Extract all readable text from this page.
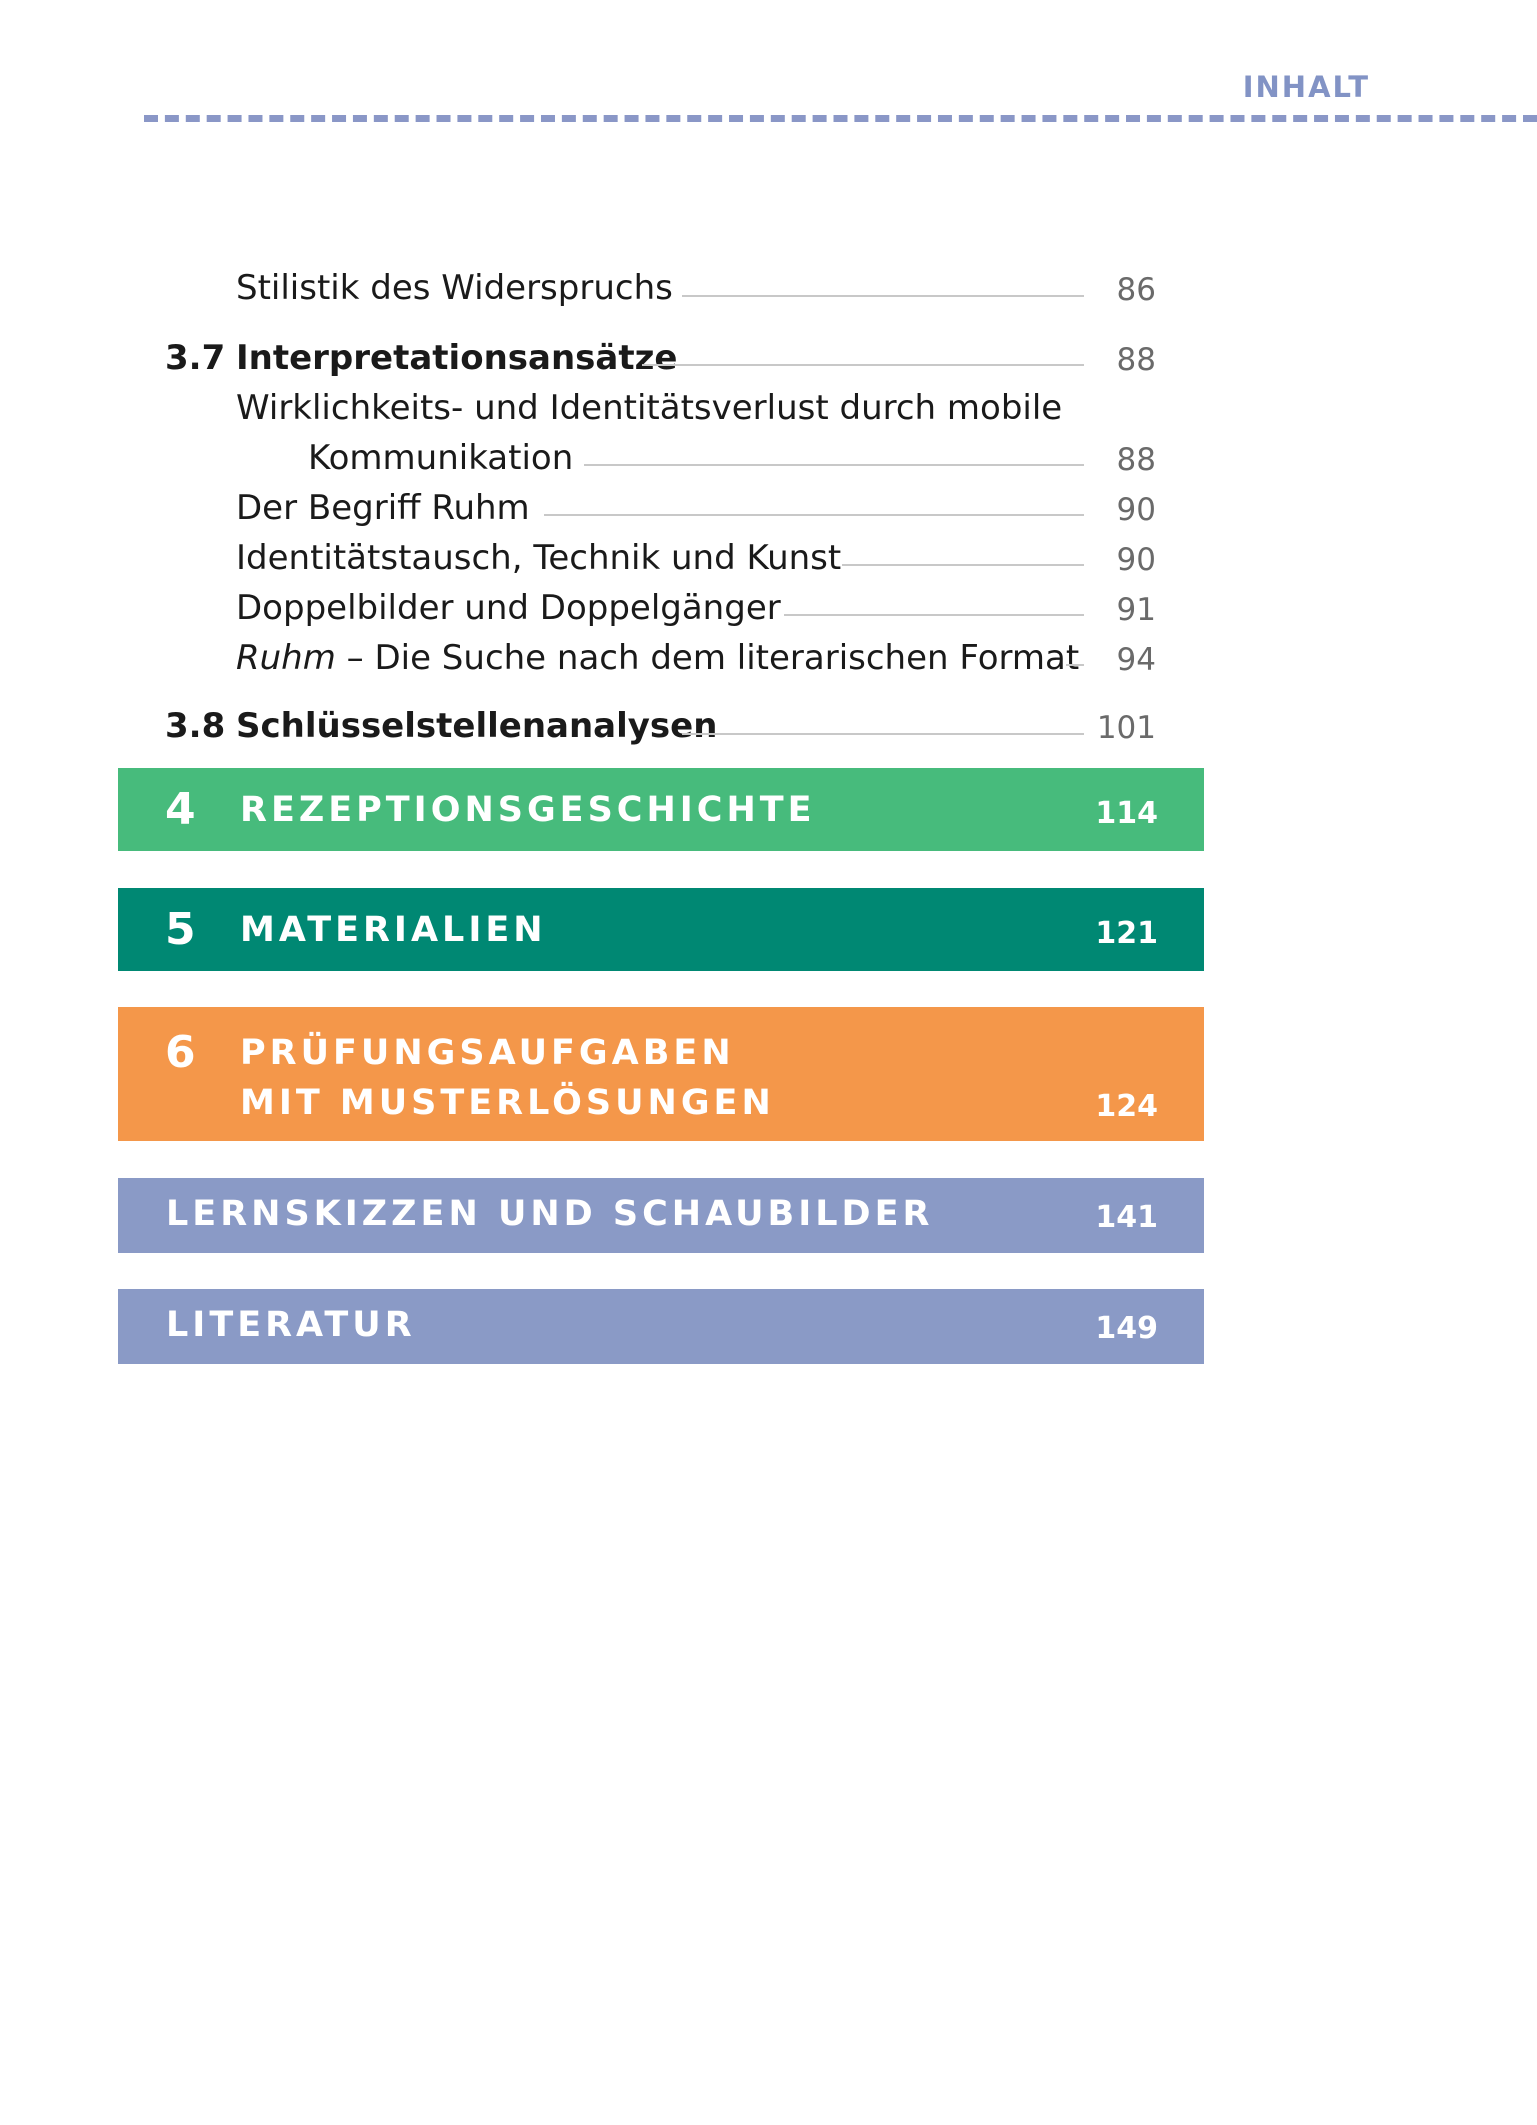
INHALT
Stilistik des Widerspruchs	86
3.7 Interpretationsansätze	88
Wirklichkeits- und Identitätsverlust durch mobile
Kommunikation	88
Der Begriff Ruhm	90
Identitätstausch, Technik und Kunst	90
Doppelbilder und Doppelgänger	91
Ruhm – Die Suche nach dem literarischen Format	94
3.8 Schlüsselstellenanalysen	101
4 REZEPTIONSGESCHICHTE	114
5 MATERIALIEN	121
6 PRÜFUNGSAUFGABEN
MIT MUSTERLÖSUNGEN	124
LERNSKIZZEN UND SCHAUBILDER	141
LITERATUR	149
